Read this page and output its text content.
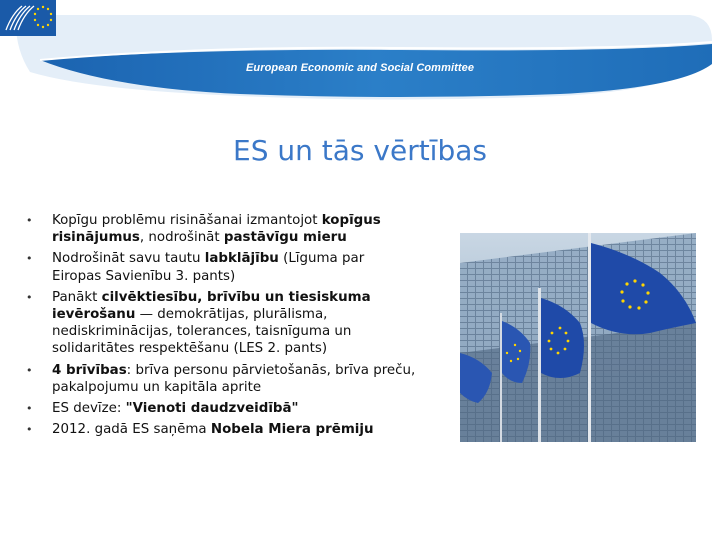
European Economic and Social Committee
ES un tās vērtības
• Kopīgu problēmu risināšanai izmantojot kopīgus risinājumus, nodrošināt pastāvīgu mieru
• Nodrošināt savu tautu labklājību (Līguma par Eiropas Savienību 3. pants)
• Panākt cilvēktiesību, brīvību un tiesiskuma ievērošanu — demokrātijas, plurālisma, nediskriminācijas, tolerances, taisnīguma un solidaritātes respektēšanu (LES 2. pants)
• 4 brīvības: brīva personu pārvietošanās, brīva preču, pakalpojumu un kapitāla aprite
• ES devīze: "Vienoti daudzveidībā"
• 2012. gadā ES saņēma Nobela Miera prēmiju
